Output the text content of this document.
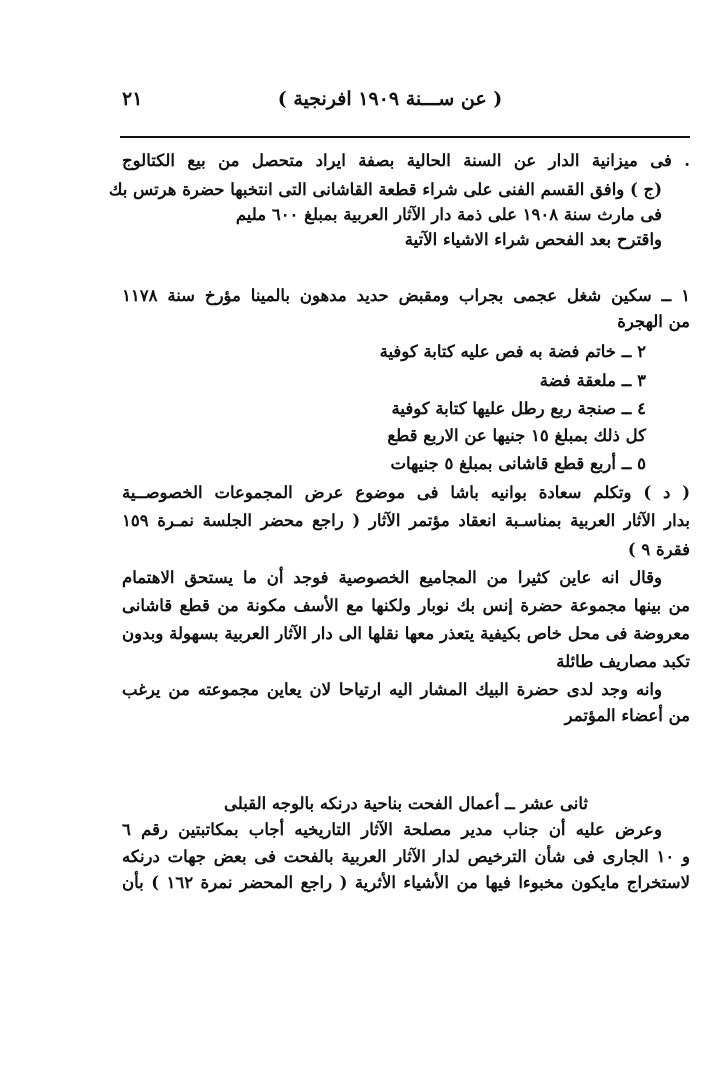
٢١	( عن ســـنة ١٩٠٩ افرنجية )
. فى ميزانية الدار عن السنة الحالية بصفة ايراد متحصل من بيع الكتالوج
(ج ) وافق القسم الفنى على شراء قطعة القاشانى التى انتخبها حضرة هرتس بك
فى مارث سنة ١٩٠٨ على ذمة دار الآثار العربية بمبلغ ٦٠٠ مليم
واقترح بعد الفحص شراء الاشياء الآتية
١ ــ سكين شغل عجمى بجراب ومقبض حديد مدهون بالمينا مؤرخ سنة ١١٧٨
من الهجرة
٢ ــ خاتم فضة به فص عليه كتابة كوفية
٣ ــ ملعقة فضة
٤ ــ صنجة ربع رطل عليها كتابة كوفية
كل ذلك بمبلغ ١٥ جنيها عن الاربع قطع
٥ ــ أربع قطع قاشانى بمبلغ ٥ جنيهات
( د ) وتكلم سعادة بوانيه باشا فى موضوع عرض المجموعات الخصوصــية
بدار الآثار العربية بمناسـبة انعقاد مؤتمر الآثار ( راجع محضر الجلسة نمـرة ١٥٩
فقرة ٩ )
وقال انه عاين كثيرا من المجاميع الخصوصية فوجد أن ما يستحق الاهتمام
من بينها مجموعة حضرة إنس بك نوبار ولكنها مع الأسف مكونة من قطع قاشانى
معروضة فى محل خاص بكيفية يتعذر معها نقلها الى دار الآثار العربية بسهولة وبدون
تكبد مصاريف طائلة
وانه وجد لدى حضرة البيك المشار اليه ارتياحا لان يعاين مجموعته من يرغب
من أعضاء المؤتمر
ثانى عشر ــ أعمال الفحت بناحية درنكه بالوجه القبلى
وعرض عليه أن جناب مدير مصلحة الآثار التاريخيه أجاب بمكاتبتين رقم ٦
و ١٠ الجارى فى شأن الترخيص لدار الآثار العربية بالفحت فى بعض جهات درنكه
لاستخراج مايكون مخبوءا فيها من الأشياء الأثرية ( راجع المحضر نمرة ١٦٢ ) بأن
